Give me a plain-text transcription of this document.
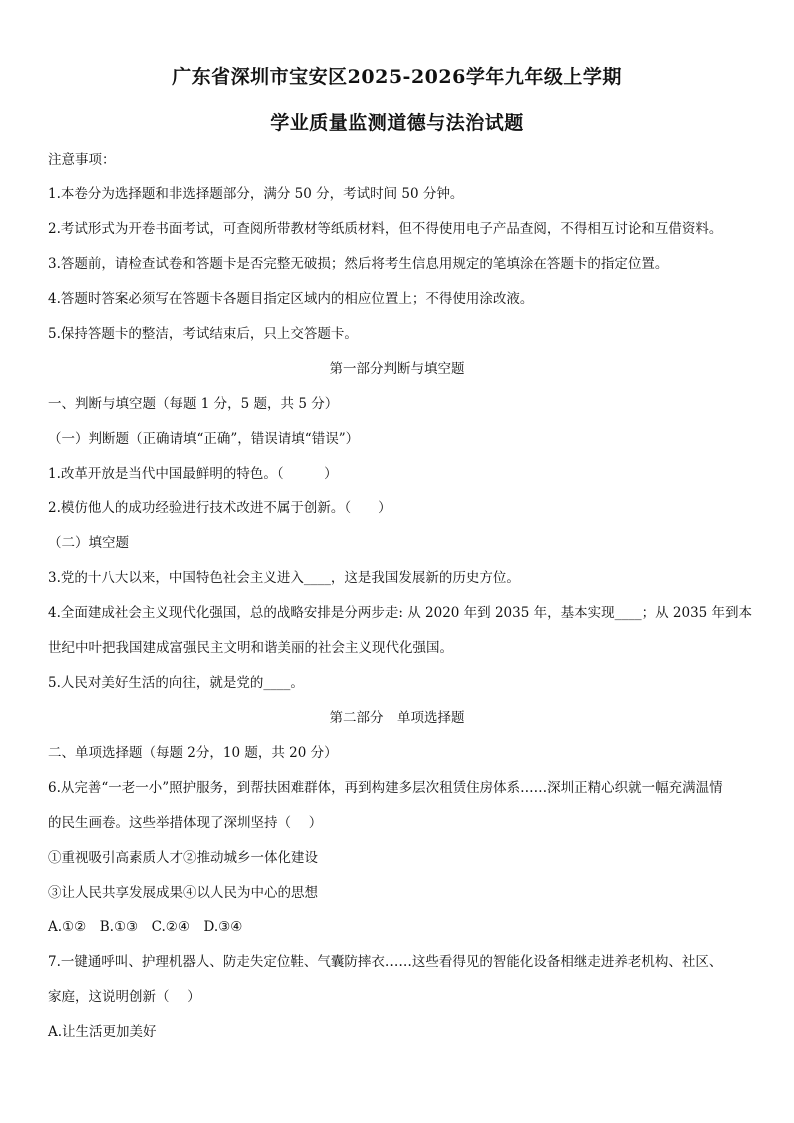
广东省深圳市宝安区2025-2026学年九年级上学期
学业质量监测道德与法治试题
注意事项：
1.本卷分为选择题和非选择题部分，满分 50 分，考试时间 50 分钟。
2.考试形式为开卷书面考试，可查阅所带教材等纸质材料，但不得使用电子产品查阅，不得相互讨论和互借资料。
3.答题前，请检查试卷和答题卡是否完整无破损；然后将考生信息用规定的笔填涂在答题卡的指定位置。
4.答题时答案必须写在答题卡各题目指定区域内的相应位置上；不得使用涂改液。
5.保持答题卡的整洁，考试结束后，只上交答题卡。
第一部分判断与填空题
一、判断与填空题（每题 1 分，5 题，共 5 分）
（一）判断题（正确请填“正确”，错误请填“错误”）
1.改革开放是当代中国最鲜明的特色。（　　　）
2.模仿他人的成功经验进行技术改进不属于创新。（　　）
（二）填空题
3.党的十八大以来，中国特色社会主义进入____，这是我国发展新的历史方位。
4.全面建成社会主义现代化强国，总的战略安排是分两步走: 从 2020 年到 2035 年，基本实现____；从 2035 年到本
世纪中叶把我国建成富强民主文明和谐美丽的社会主义现代化强国。
5.人民对美好生活的向往，就是党的____。
第二部分　单项选择题
二、单项选择题（每题 2分，10 题，共 20 分）
6.从完善“一老一小”照护服务，到帮扶困难群体，再到构建多层次租赁住房体系……深圳正精心织就一幅充满温情
的民生画卷。这些举措体现了深圳坚持（　 ）
①重视吸引高素质人才②推动城乡一体化建设
③让人民共享发展成果④以人民为中心的思想
A.①②　B.①③　C.②④　D.③④
7.一键通呼叫、护理机器人、防走失定位鞋、气囊防摔衣……这些看得见的智能化设备相继走进养老机构、社区、
家庭，这说明创新（　 ）
A.让生活更加美好
